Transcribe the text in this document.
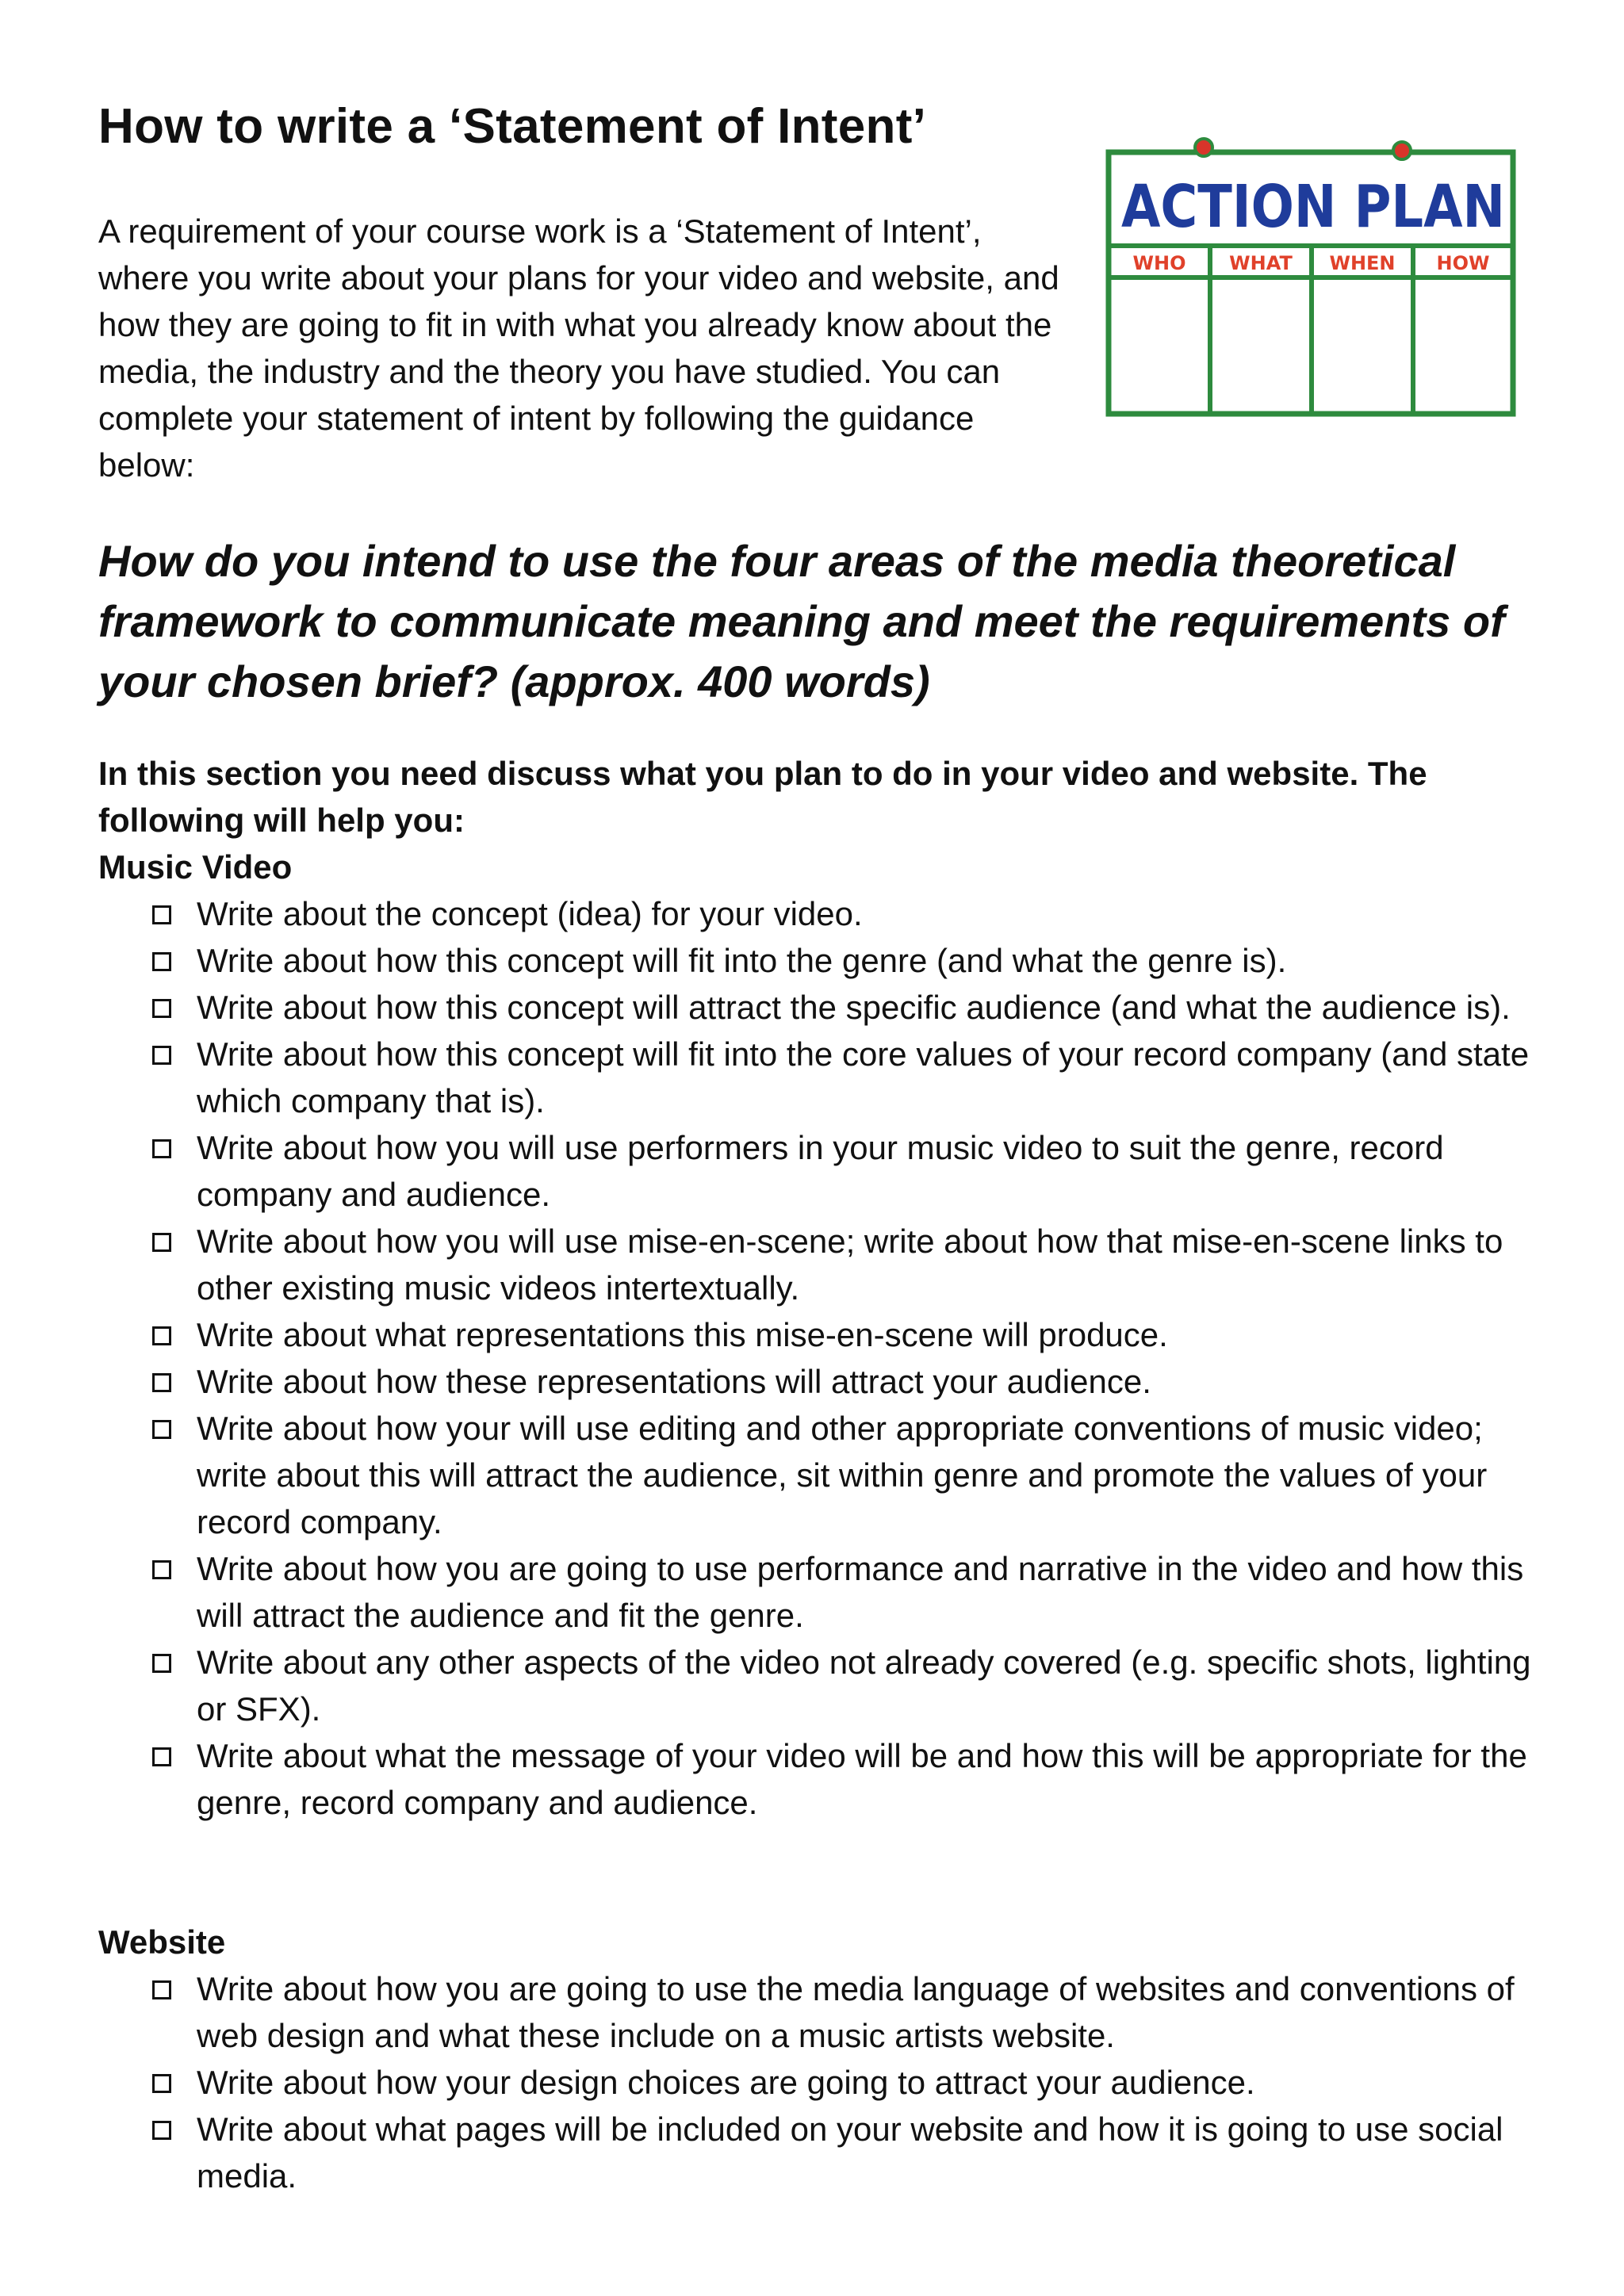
How to write a ‘Statement of Intent’

A requirement of your course work is a ‘Statement of Intent’, where you write about your plans for your video and website, and how they are going to fit in with what you already know about the media, the industry and the theory you have studied. You can complete your statement of intent by following the guidance below:

ACTION PLAN
WHO WHAT WHEN HOW
How do you intend to use the four areas of the media theoretical framework to communicate meaning and meet the requirements of your chosen brief? (approx. 400 words)

In this section you need discuss what you plan to do in your video and website. The following will help you:

Music Video
Write about the concept (idea) for your video.
Write about how this concept will fit into the genre (and what the genre is).
Write about how this concept will attract the specific audience (and what the audience is).
Write about how this concept will fit into the core values of your record company (and state which company that is).
Write about how you will use performers in your music video to suit the genre, record company and audience.
Write about how you will use mise-en-scene; write about how that mise-en-scene links to other existing music videos intertextually.
Write about what representations this mise-en-scene will produce.
Write about how these representations will attract your audience.
Write about how your will use editing and other appropriate conventions of music video; write about this will attract the audience, sit within genre and promote the values of your record company.
Write about how you are going to use performance and narrative in the video and how this will attract the audience and fit the genre.
Write about any other aspects of the video not already covered (e.g. specific shots, lighting or SFX).
Write about what the message of your video will be and how this will be appropriate for the genre, record company and audience.
Website
Write about how you are going to use the media language of websites and conventions of web design and what these include on a music artists website.
Write about how your design choices are going to attract your audience.
Write about what pages will be included on your website and how it is going to use social media.
